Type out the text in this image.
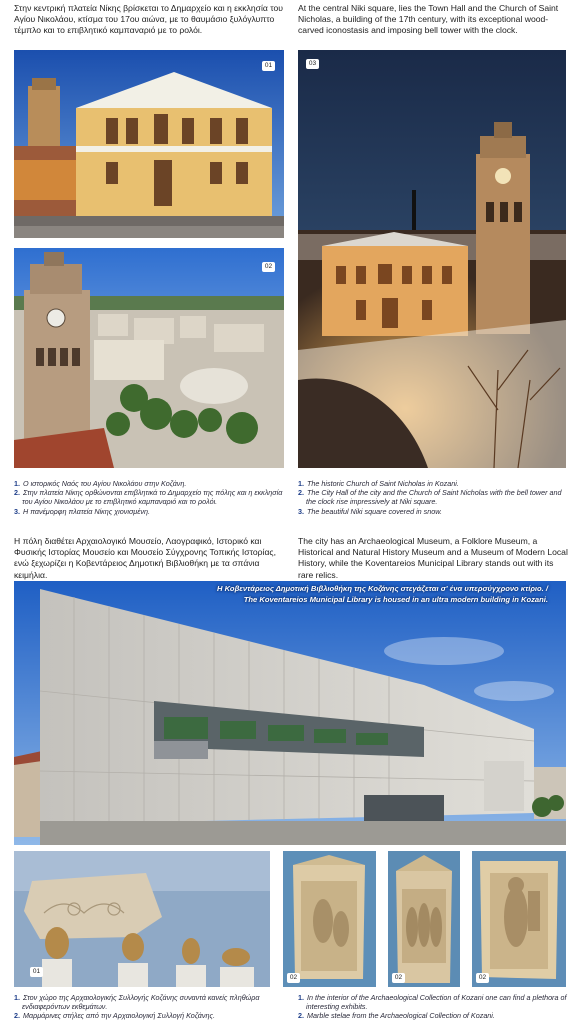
Στην κεντρική πλατεία Νίκης βρίσκεται το Δημαρχείο και η εκκλησία του Αγίου Νικολάου, κτίσμα του 17ου αιώνα, με το θαυμάσιο ξυλόγλυπτο τέμπλο και το επιβλητικό καμπαναριό με το ρολόι.
At the central Niki square, lies the Town Hall and the Church of Saint Nicholas, a building of the 17th century, with its exceptional wood-carved iconostasis and imposing bell tower with the clock.
01
02
03
1. Ο ιστορικός Ναός του Αγίου Νικολάου στην Κοζάνη.
2. Στην πλατεία Νίκης ορθώνονται επιβλητικά το Δημαρχείο της πόλης και η εκκλησία του Αγίου Νικολάου με το επιβλητικό καμπαναριό και το ρολόι.
3. Η πανέμορφη πλατεία Νίκης χιονισμένη.
1. The historic Church of Saint Nicholas in Kozani.
2. The City Hall of the city and the Church of Saint Nicholas with the bell tower and the clock rise impressively at Niki square.
3. The beautiful Niki square covered in snow.
Η πόλη διαθέτει Αρχαιολογικό Μουσείο, Λαογραφικό, Ιστορικό και Φυσικής Ιστορίας Μουσείο και Μουσείο Σύγχρονης Τοπικής Ιστορίας, ενώ ξεχωρίζει η Κοβεντάρειος Δημοτική Βιβλιοθήκη με τα σπάνια κειμήλια.
The city has an Archaeological Museum, a Folklore Museum, a Historical and Natural History Museum and a Museum of Modern Local History, while the Koventareios Municipal Library stands out with its rare relics.
Η Κοβεντάρειος Δημοτική Βιβλιοθήκη της Κοζάνης στεγάζεται σ' ένα υπερσύγχρονο κτίριο. /
The Koventareios Municipal Library is housed in an ultra modern building in Kozani.
01
02	02	02
1. Στον χώρο της Αρχαιολογικής Συλλογής Κοζάνης συναντά κανείς πληθώρα ενδιαφερόντων εκθεμάτων.
2. Μαρμάρινες στήλες από την Αρχαιολογική Συλλογή Κοζάνης.
1. In the interior of the Archaeological Collection of Kozani one can find a plethora of interesting exhibits.
2. Marble stelae from the Archaeological Collection of Kozani.
